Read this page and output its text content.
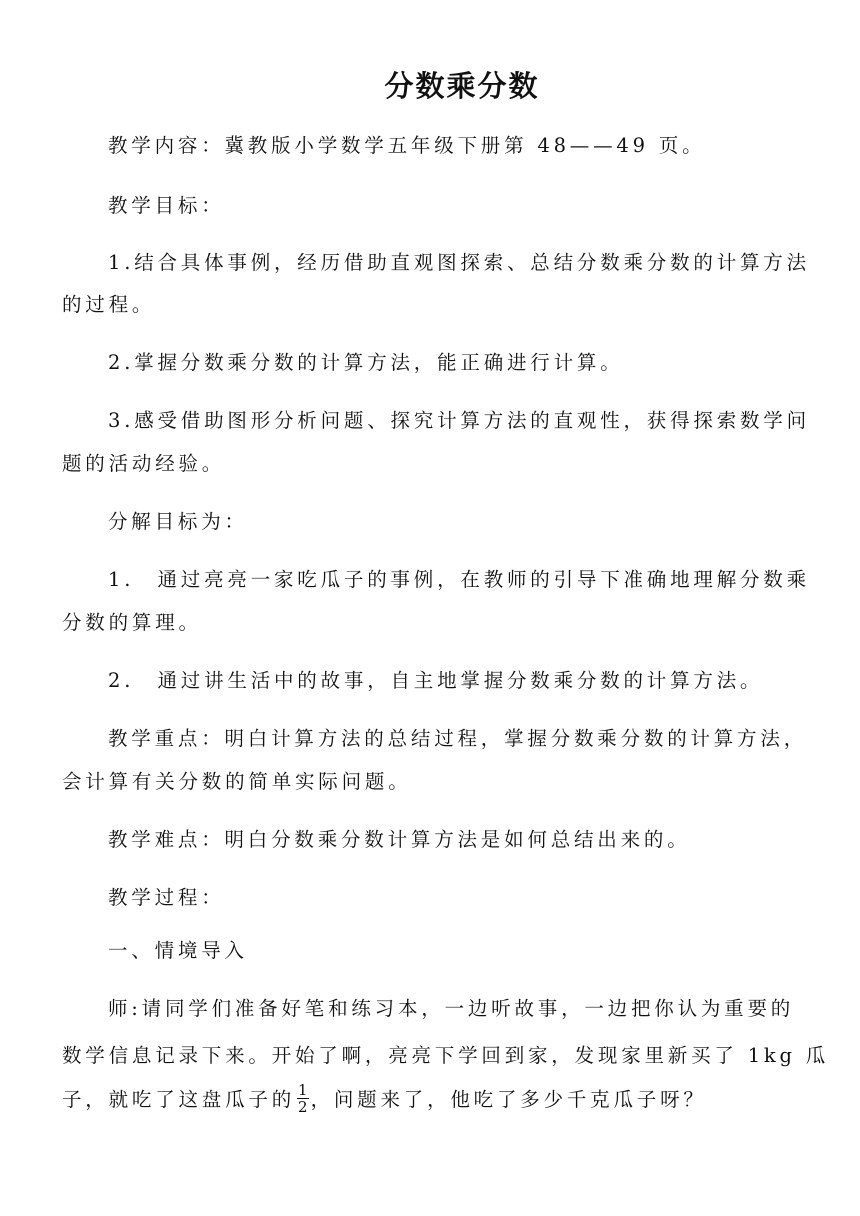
分数乘分数
教学内容：冀教版小学数学五年级下册第 48——49 页。
教学目标：
1.结合具体事例，经历借助直观图探索、总结分数乘分数的计算方法
的过程。
2.掌握分数乘分数的计算方法，能正确进行计算。
3.感受借助图形分析问题、探究计算方法的直观性，获得探索数学问
题的活动经验。
分解目标为：
1.　通过亮亮一家吃瓜子的事例，在教师的引导下准确地理解分数乘
分数的算理。
2.　通过讲生活中的故事，自主地掌握分数乘分数的计算方法。
教学重点：明白计算方法的总结过程，掌握分数乘分数的计算方法，
会计算有关分数的简单实际问题。
教学难点：明白分数乘分数计算方法是如何总结出来的。
教学过程：
一、情境导入
师:请同学们准备好笔和练习本，一边听故事，一边把你认为重要的
数学信息记录下来。开始了啊，亮亮下学回到家，发现家里新买了 1kg 瓜
子，就吃了这盘瓜子的 $\frac{1}{2}$ ，问题来了，他吃了多少千克瓜子呀？
